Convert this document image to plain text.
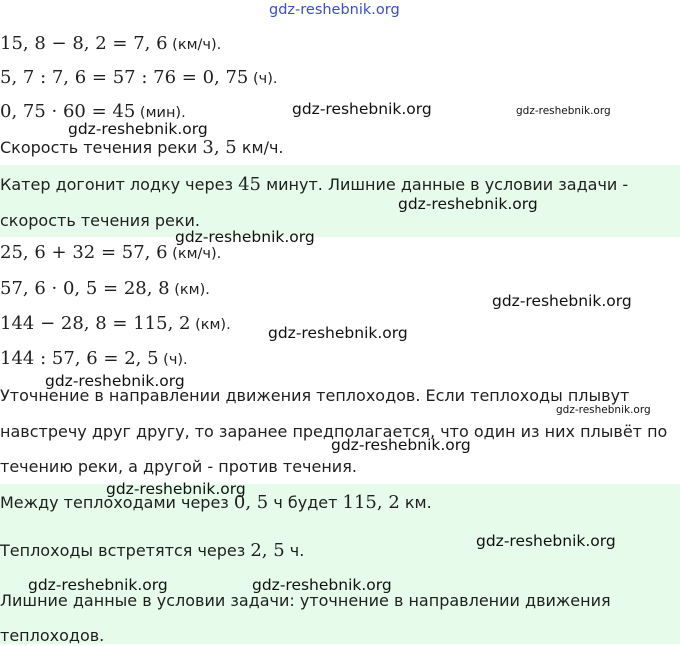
gdz-reshebnik.org
gdz-reshebnik.org	gdz-reshebnik.org
gdz-reshebnik.org
gdz-reshebnik.org
gdz-reshebnik.org
gdz-reshebnik.org
gdz-reshebnik.org
gdz-reshebnik.org
gdz-reshebnik.org
gdz-reshebnik.org
gdz-reshebnik.org
gdz-reshebnik.org
gdz-reshebnik.org	gdz-reshebnik.org
15, 8 − 8, 2 = 7, 6 (км/ч).
5, 7 : 7, 6 = 57 : 76 = 0, 75 (ч).
0, 75 · 60 = 45 (мин).
Скорость течения реки 3, 5 км/ч.
Катер догонит лодку через 45 минут. Лишние данные в условии задачи -
скорость течения реки.
25, 6 + 32 = 57, 6 (км/ч).
57, 6 · 0, 5 = 28, 8 (км).
144 − 28, 8 = 115, 2 (км).
144 : 57, 6 = 2, 5 (ч).
Уточнение в направлении движения теплоходов. Если теплоходы плывут
навстречу друг другу, то заранее предполагается, что один из них плывёт по
течению реки, а другой - против течения.
Между теплоходами через 0, 5 ч будет 115, 2 км.
Теплоходы встретятся через 2, 5 ч.
Лишние данные в условии задачи: уточнение в направлении движения
теплоходов.
